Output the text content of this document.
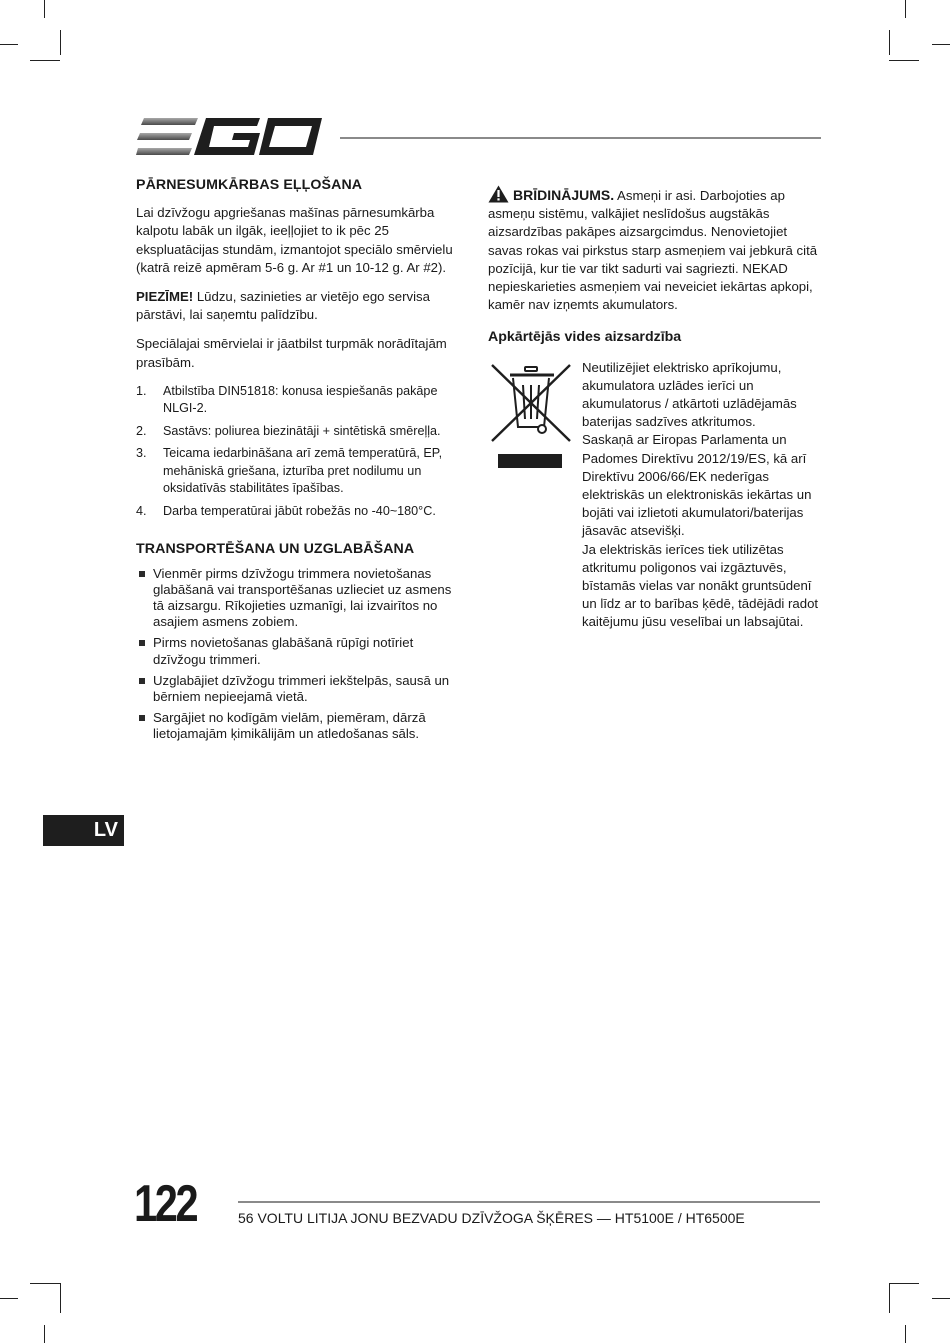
PĀRNESUMKĀRBAS EĻĻOŠANA

Lai dzīvžogu apgriešanas mašīnas pārnesumkārba kalpotu labāk un ilgāk, ieeļļojiet to ik pēc 25 ekspluatācijas stundām, izmantojot speciālo smērvielu (katrā reizē apmēram 5-6 g. Ar #1 un 10-12 g. Ar #2).

PIEZĪME! Lūdzu, sazinieties ar vietējo ego servisa pārstāvi, lai saņemtu palīdzību.

Speciālajai smērvielai ir jāatbilst turpmāk norādītajām prasībām.

1. Atbilstība DIN51818: konusa iespiešanās pakāpe NLGI-2.
2. Sastāvs: poliurea biezinātāji + sintētiskā smēreļļa.
3. Teicama iedarbināšana arī zemā temperatūrā, EP, mehāniskā griešana, izturība pret nodilumu un oksidatīvās stabilitātes īpašības.
4. Darba temperatūrai jābūt robežās no -40~180°C.
TRANSPORTĒŠANA UN UZGLABĀŠANA
Vienmēr pirms dzīvžogu trimmera novietošanas glabāšanā vai transportēšanas uzlieciet uz asmens tā aizsargu. Rīkojieties uzmanīgi, lai izvairītos no asajiem asmens zobiem.
Pirms novietošanas glabāšanā rūpīgi notīriet dzīvžogu trimmeri.
Uzglabājiet dzīvžogu trimmeri iekštelpās, sausā un bērniem nepieejamā vietā.
Sargājiet no kodīgām vielām, piemēram, dārzā lietojamajām ķimikālijām un atledošanas sāls.

BRĪDINĀJUMS. Asmeņi ir asi. Darbojoties ap asmeņu sistēmu, valkājiet neslīdošus augstākās aizsardzības pakāpes aizsargcimdus. Nenovietojiet savas rokas vai pirkstus starp asmeņiem vai jebkurā citā pozīcijā, kur tie var tikt sadurti vai sagriezti. NEKAD nepieskarieties asmeņiem vai neveiciet iekārtas apkopi, kamēr nav izņemts akumulators.

Apkārtējās vides aizsardzība
Neutilizējiet elektrisko aprīkojumu, akumulatora uzlādes ierīci un akumulatorus / atkārtoti uzlādējamās baterijas sadzīves atkritumos.
Saskaņā ar Eiropas Parlamenta un Padomes Direktīvu 2012/19/ES, kā arī Direktīvu 2006/66/EK nederīgas elektriskās un elektroniskās iekārtas un bojāti vai izlietoti akumulatori/baterijas jāsavāc atsevišķi.
Ja elektriskās ierīces tiek utilizētas atkritumu poligonos vai izgāztuvēs, bīstamās vielas var nonākt gruntsūdenī un līdz ar to barības ķēdē, tādējādi radot kaitējumu jūsu veselībai un labsajūtai.
LV
122	56 VOLTU LITIJA JONU BEZVADU DZĪVŽOGA ŠĶĒRES — HT5100E / HT6500E
